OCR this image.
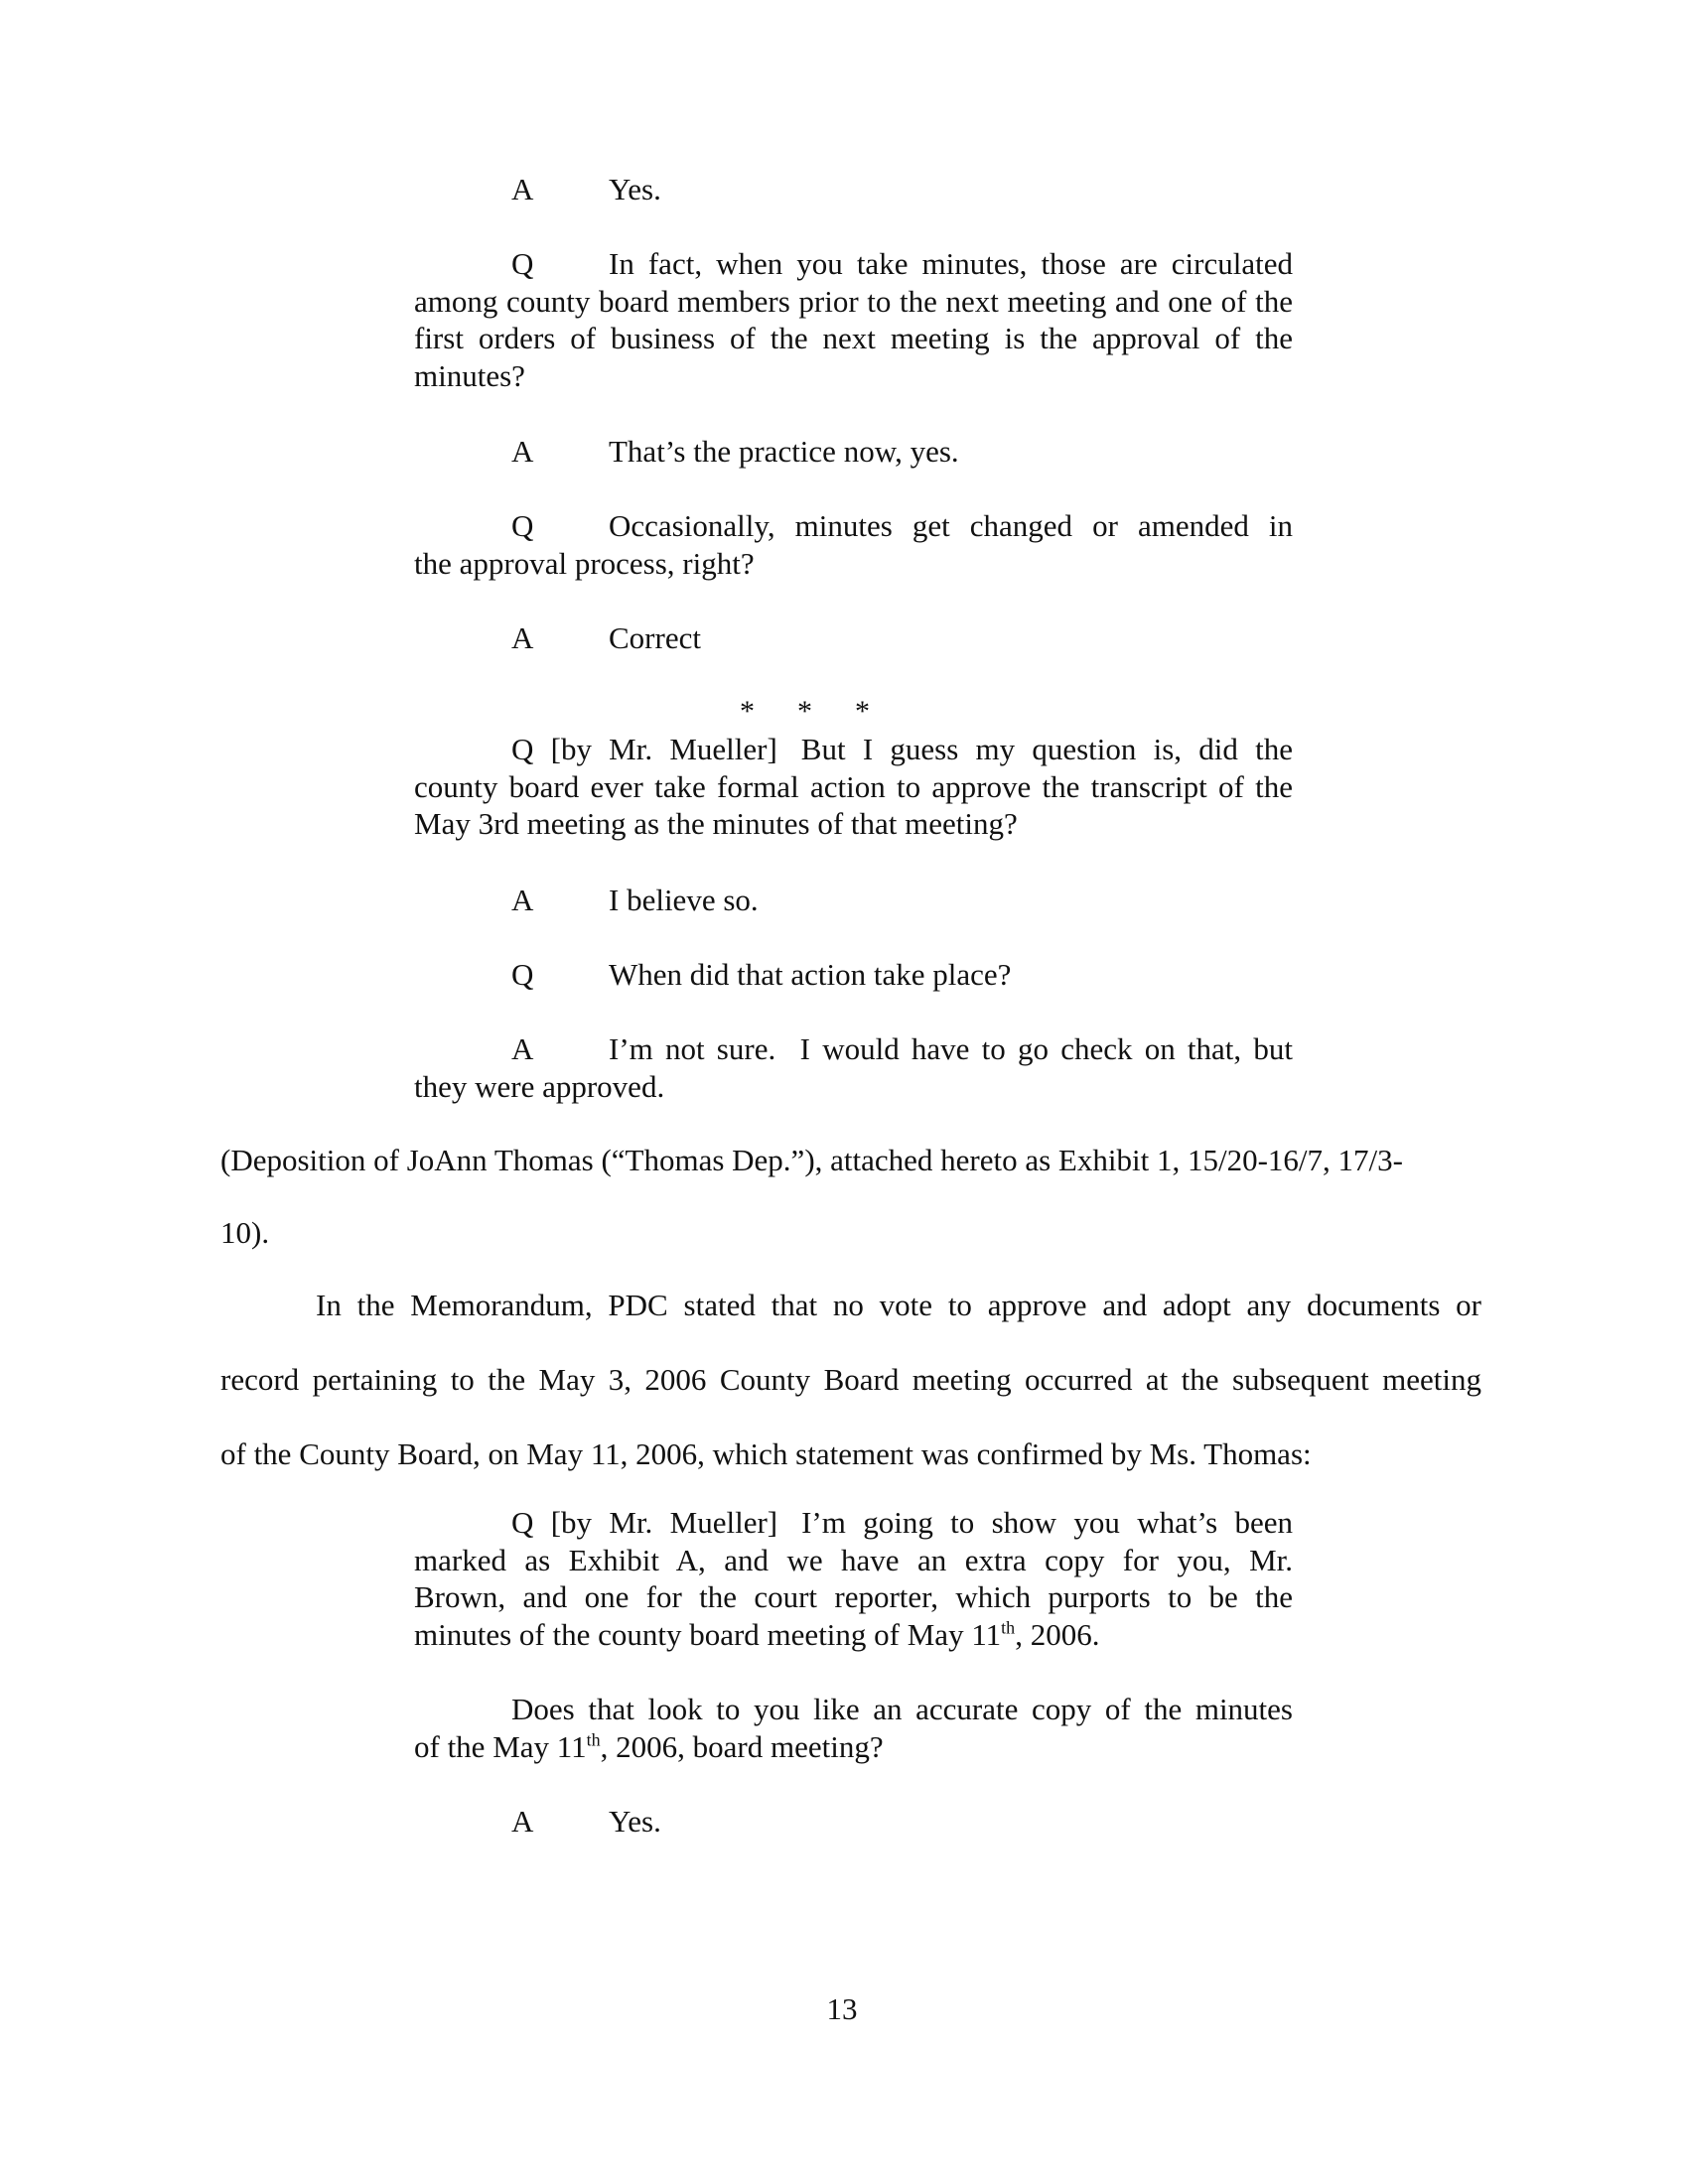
A Yes.
Q In fact, when you take minutes, those are circulated
among county board members prior to the next meeting and one of the first orders of business of the next meeting is the approval of the minutes?
A That’s the practice now, yes.
Q Occasionally, minutes get changed or amended in
the approval process, right?
A Correct
* * *
Q [by Mr. Mueller] But I guess my question is, did the
county board ever take formal action to approve the transcript of the May 3rd meeting as the minutes of that meeting?
A I believe so.
Q When did that action take place?
A I’m not sure.  I would have to go check on that, but
they were approved.
(Deposition of JoAnn Thomas (“Thomas Dep.”), attached hereto as Exhibit 1, 15/20-16/7, 17/3-
10).
In the Memorandum, PDC stated that no vote to approve and adopt any documents or
record pertaining to the May 3, 2006 County Board meeting occurred at the subsequent meeting
of the County Board, on May 11, 2006, which statement was confirmed by Ms. Thomas:
Q [by Mr. Mueller] I’m going to show you what’s been
marked as Exhibit A, and we have an extra copy for you, Mr.
Brown, and one for the court reporter, which purports to be the
minutes of the county board meeting of May 11th, 2006.
Does that look to you like an accurate copy of the minutes
of the May 11th, 2006, board meeting?
A Yes.
13
